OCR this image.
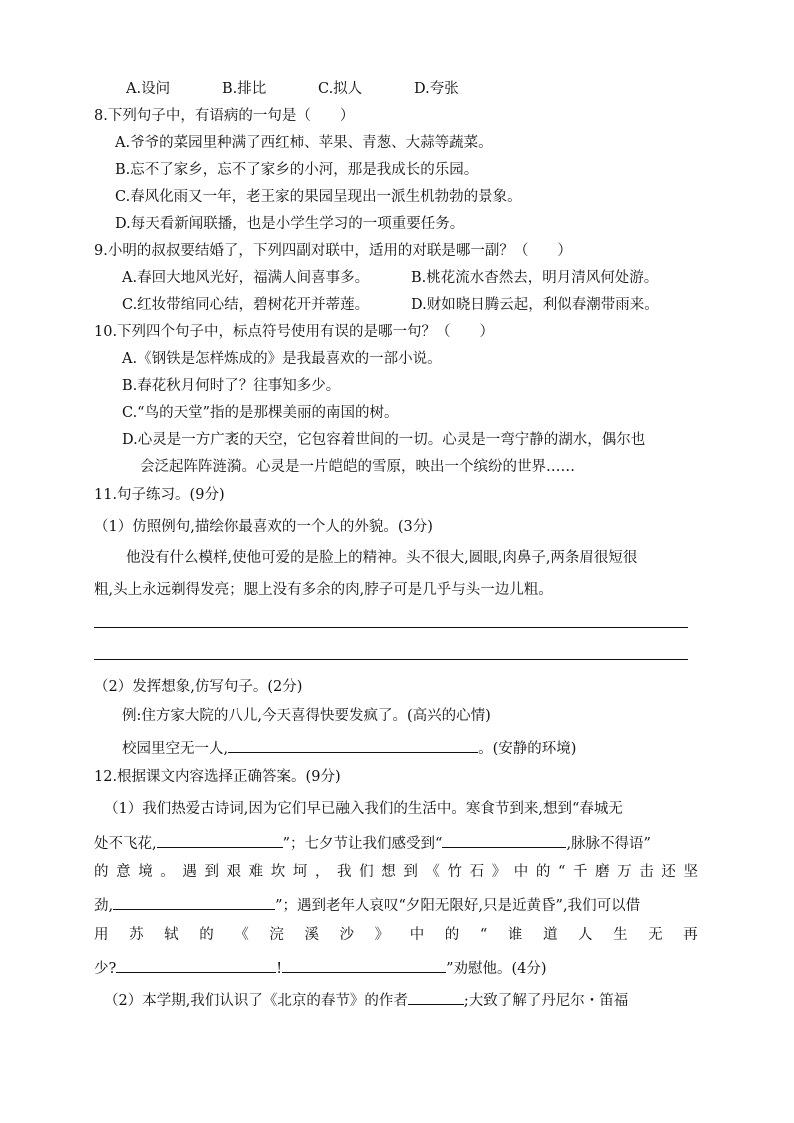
A.设问	B.排比	C.拟人	D.夸张
8.下列句子中，有语病的一句是（　　）
A.爷爷的菜园里种满了西红柿、苹果、青葱、大蒜等蔬菜。
B.忘不了家乡，忘不了家乡的小河，那是我成长的乐园。
C.春风化雨又一年，老王家的果园呈现出一派生机勃勃的景象。
D.每天看新闻联播，也是小学生学习的一项重要任务。
9.小明的叔叔要结婚了，下列四副对联中，适用的对联是哪一副？（　　）
A.春回大地风光好，福满人间喜事多。	B.桃花流水杳然去，明月清风何处游。
C.红妆带绾同心结，碧树花开并蒂莲。	D.财如晓日腾云起，利似春潮带雨来。
10.下列四个句子中，标点符号使用有误的是哪一句？（　　）
A.《钢铁是怎样炼成的》是我最喜欢的一部小说。
B.春花秋月何时了？往事知多少。
C.“鸟的天堂”指的是那棵美丽的南国的树。
D.心灵是一方广袤的天空，它包容着世间的一切。心灵是一弯宁静的湖水，偶尔也
会泛起阵阵涟漪。心灵是一片皑皑的雪原，映出一个缤纷的世界……
11.句子练习。(9分)
（1）仿照例句,描绘你最喜欢的一个人的外貌。(3分)
他没有什么模样,使他可爱的是脸上的精神。头不很大,圆眼,肉鼻子,两条眉很短很
粗,头上永远剃得发亮；腮上没有多余的肉,脖子可是几乎与头一边儿粗。
（2）发挥想象,仿写句子。(2分)
例:住方家大院的八儿,今天喜得快要发疯了。(高兴的心情)
校园里空无一人,	。(安静的环境)
12.根据课文内容选择正确答案。(9分)
（1）我们热爱古诗词,因为它们早已融入我们的生活中。寒食节到来,想到“春城无
处不飞花,	”；七夕节让我们感受到“	,脉脉不得语”
的 意 境 。 遇 到 艰 难 坎 坷 ， 我 们 想 到 《 竹 石 》 中 的 “ 千 磨 万 击 还 坚
劲,	”；遇到老年人哀叹“夕阳无限好,只是近黄昏”,我们可以借
用 苏 轼 的 《 浣 溪 沙 》 中 的 “ 谁 道 人 生 无 再
少?	!	”劝慰他。(4分)
（2）本学期,我们认识了《北京的春节》的作者	;大致了解了丹尼尔・笛福
